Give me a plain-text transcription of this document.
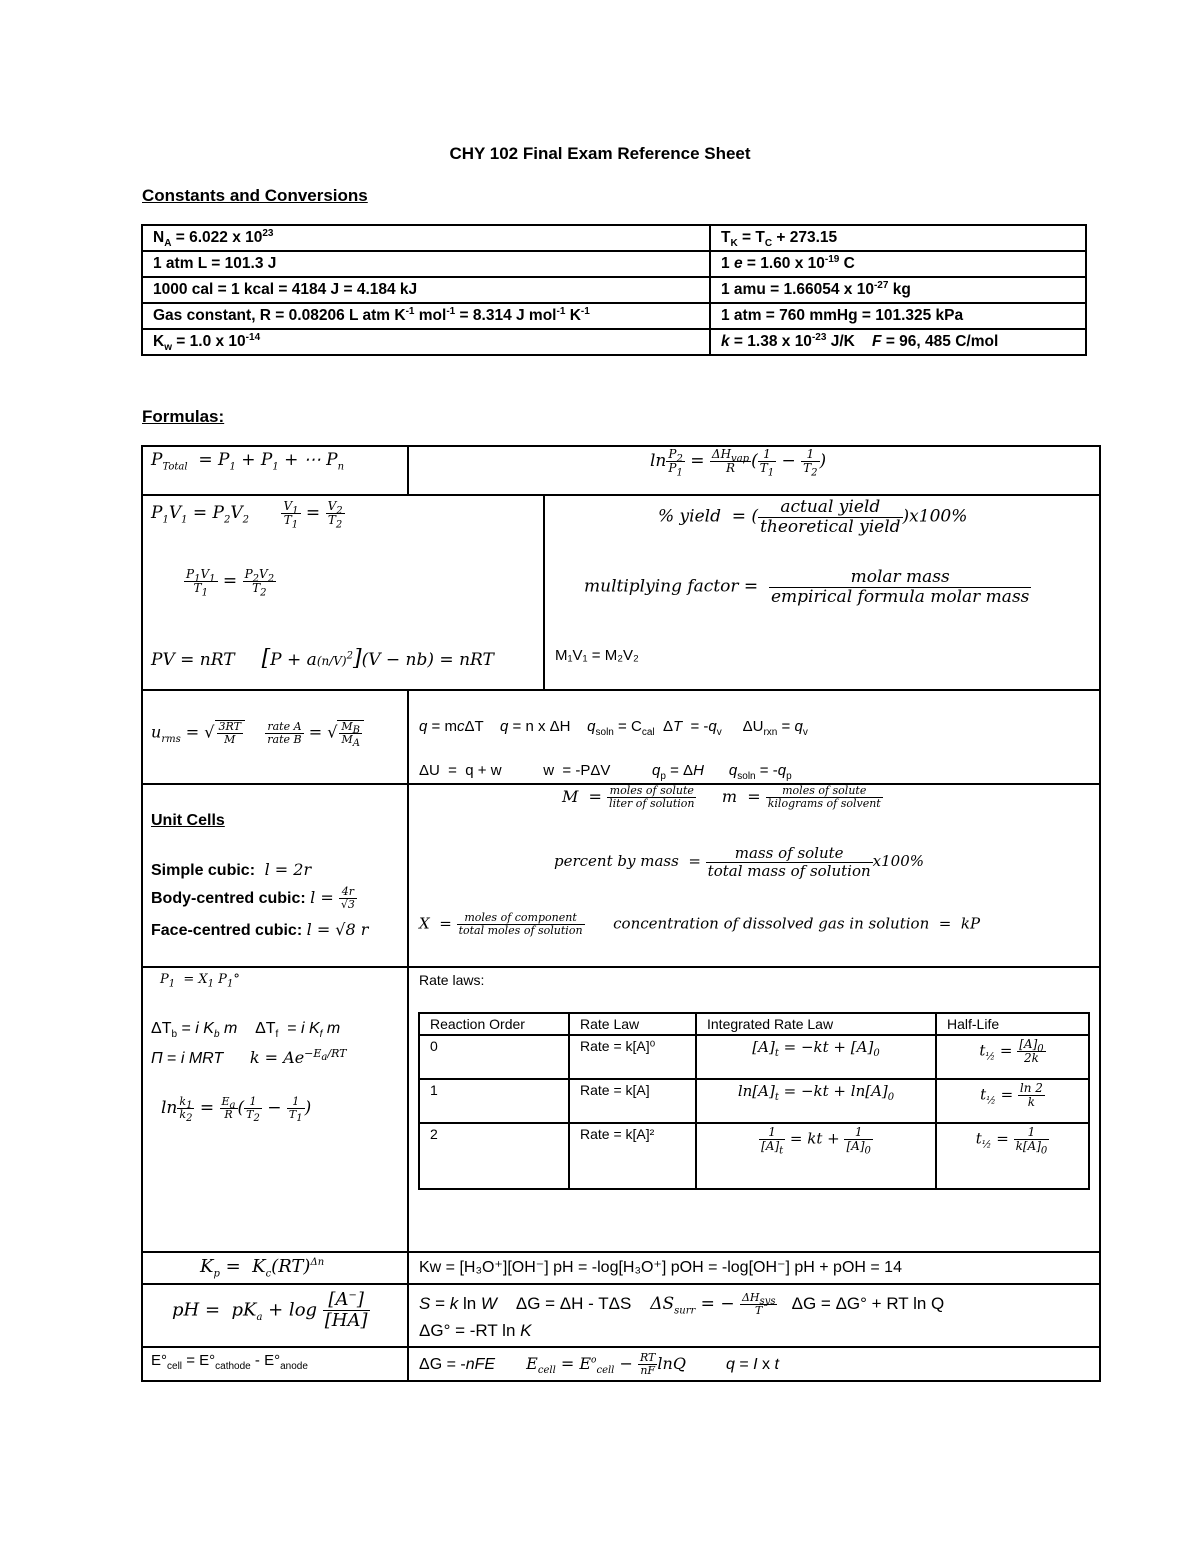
CHY 102 Final Exam Reference Sheet
Constants and Conversions
Formulas:
$N_A = 6.022$ x $10^{23}$	$T_K = T_C + 273.15$
1 atm L = 101.3 J	1 e = 1.60 x $10^{-19}$ C
1000 cal = 1 kcal = 4184 J = 4.184 kJ	1 amu = 1.66054 x $10^{-27}$ kg
Gas constant, R = 0.08206 L atm $K^{-1}$ mol$^{-1}$ = 8.314 J mol$^{-1}$ $K^{-1}$	1 atm = 760 mmHg = 101.325 kPa
$K_w = 1.0$ x $10^{-14}$	k = 1.38 x $10^{-23}$ J/K    F = 96, 485 C/mol
$P_{Total} = P_1 + P_1$ + ⋯ $P_n$	$\ln \frac{P_2}{P_1} = \frac{\Delta H_{vap}}{R}$ ( $\frac{1}{T_1} - \frac{1}{T_2}$ )
$P_1V_1 = P_2V_2$	$\frac{V_1}{T_1} = \frac{V_2}{T_2}$
$\frac{P_1V_1}{T_1} = \frac{P_2V_2}{T_2}$
PV = nRT     $[P + a(n/V)^2](V - nb)$ = nRT
% yield  = ( $\frac{\text{actual yield}}{\text{theoretical yield}} )x100\%$
multiplying factor = $\frac{\text{molar mass}}{\text{empirical formula molar mass}}$
M₁V₁ = M₂V₂
$u_{rms}$ = √ $\frac{3RT}{M}$
$\frac{\text{rate A}}{\text{rate B}}$ = √ $\frac{M_B}{M_A}$	q = mcΔT    q = n x ΔH    $q_{soln} = C_{cal}$  $\Delta T = -q_v$     $\Delta U_{rxn} = q_v$
ΔU  =  q + w          w  = -PΔV          $q_p = \Delta H$ $q_{soln} = -q_p$
Unit Cells
Simple cubic:  l = 2r
Body-centred cubic: $l = \frac{4r}{√3}$
Face-centred cubic: l = √8 r
$M = \frac{\text{moles of solute}}{\text{liter of solution}}$ $m = \frac{\text{moles of solute}}{\text{kilograms of solvent}}$
percent by mass  = $\frac{\text{mass of solute}}{\text{total mass of solution}} x100\%$
$X = \frac{\text{moles of component}}{\text{total moles of solution}}$ concentration of dissolved gas in solution  =  kP
$P_1 = X_1$ $P_1^\circ$
$\Delta T_b = i$ $K_b$ m    $\Delta T_f = i$ $K_f$ m
Π = i MRT $k = Ae^{-E_a/RT}$
$\ln \frac{k_1}{k_2} = \frac{E_a}{R}$ ( $\frac{1}{T_2} - \frac{1}{T_1}$ )
Rate laws:
Reaction Order	Rate Law	Integrated Rate Law	Half-Life
0	Rate = k[A]⁰	$[A]_t = -kt + [A]_0$	$t_{\frac{1}{2}} = \frac{[A]_0}{2k}$

1	Rate = k[A]	$\ln[A]_t = -kt + \ln[A]_0$	$t_{\frac{1}{2}} = \frac{\ln 2}{k}$

2	Rate = k[A]²	$\frac{1}{[A]_t}$ = kt + $\frac{1}{[A]_0}$	$t_{\frac{1}{2}} = \frac{1}{k[A]_0}$
$K_p = K_c(RT)^{\Delta n}$	Kw = [H₃O⁺][OH⁻] pH = -log[H₃O⁺] pOH = -log[OH⁻] pH + pOH = 14
pH =  $pK_a + \log \frac{[A^-]}{[HA]}$	S = k ln W    ΔG = ΔH - TΔS    $\Delta S_{surr}$ = − $\frac{\Delta H_{sys}}{T}$ ΔG = ΔG° + RT ln Q
ΔG° = -RT ln K
$E^\circ_{cell} = E^\circ_{cathode} - E^\circ_{anode}$	ΔG = -nFE $E_{cell} = E^o_{cell} - \frac{RT}{nF}$ lnQ	q = I x t
